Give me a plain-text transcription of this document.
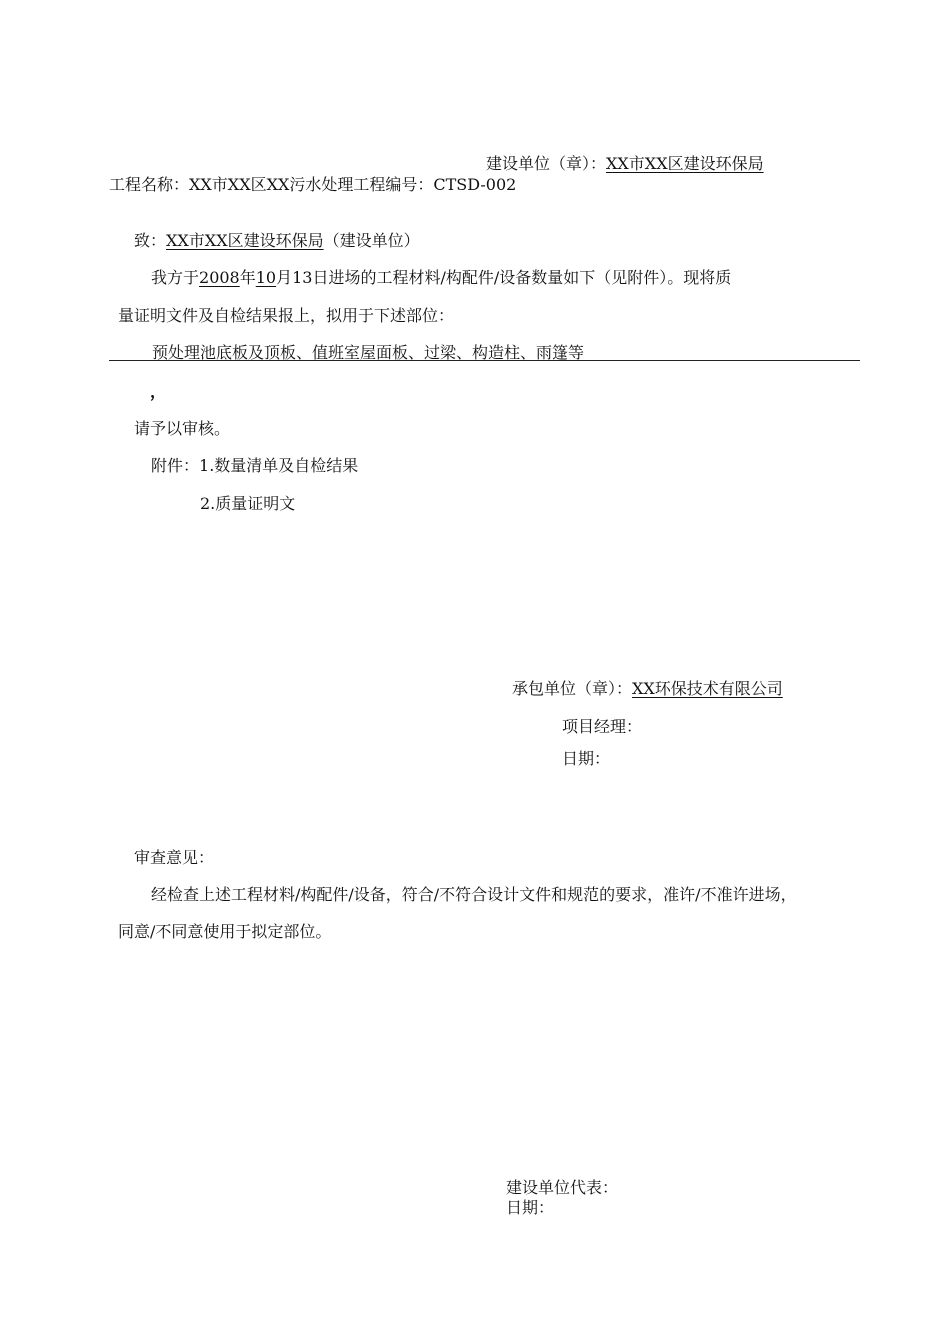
建设单位（章）：XX市XX区建设环保局
工程名称：XX市XX区XX污水处理工程编号：CTSD-002
致：XX市XX区建设环保局（建设单位）
我方于2008年10月13日进场的工程材料/构配件/设备数量如下（见附件）。现将质
量证明文件及自检结果报上，拟用于下述部位：
预处理池底板及顶板、值班室屋面板、过梁、构造柱、雨篷等
，
请予以审核。
附件：1.数量清单及自检结果
2.质量证明文
承包单位（章）：XX环保技术有限公司
项目经理：
日期：
审查意见：
经检查上述工程材料/构配件/设备，符合/不符合设计文件和规范的要求，准许/不准许进场，
同意/不同意使用于拟定部位。
建设单位代表：
日期：
